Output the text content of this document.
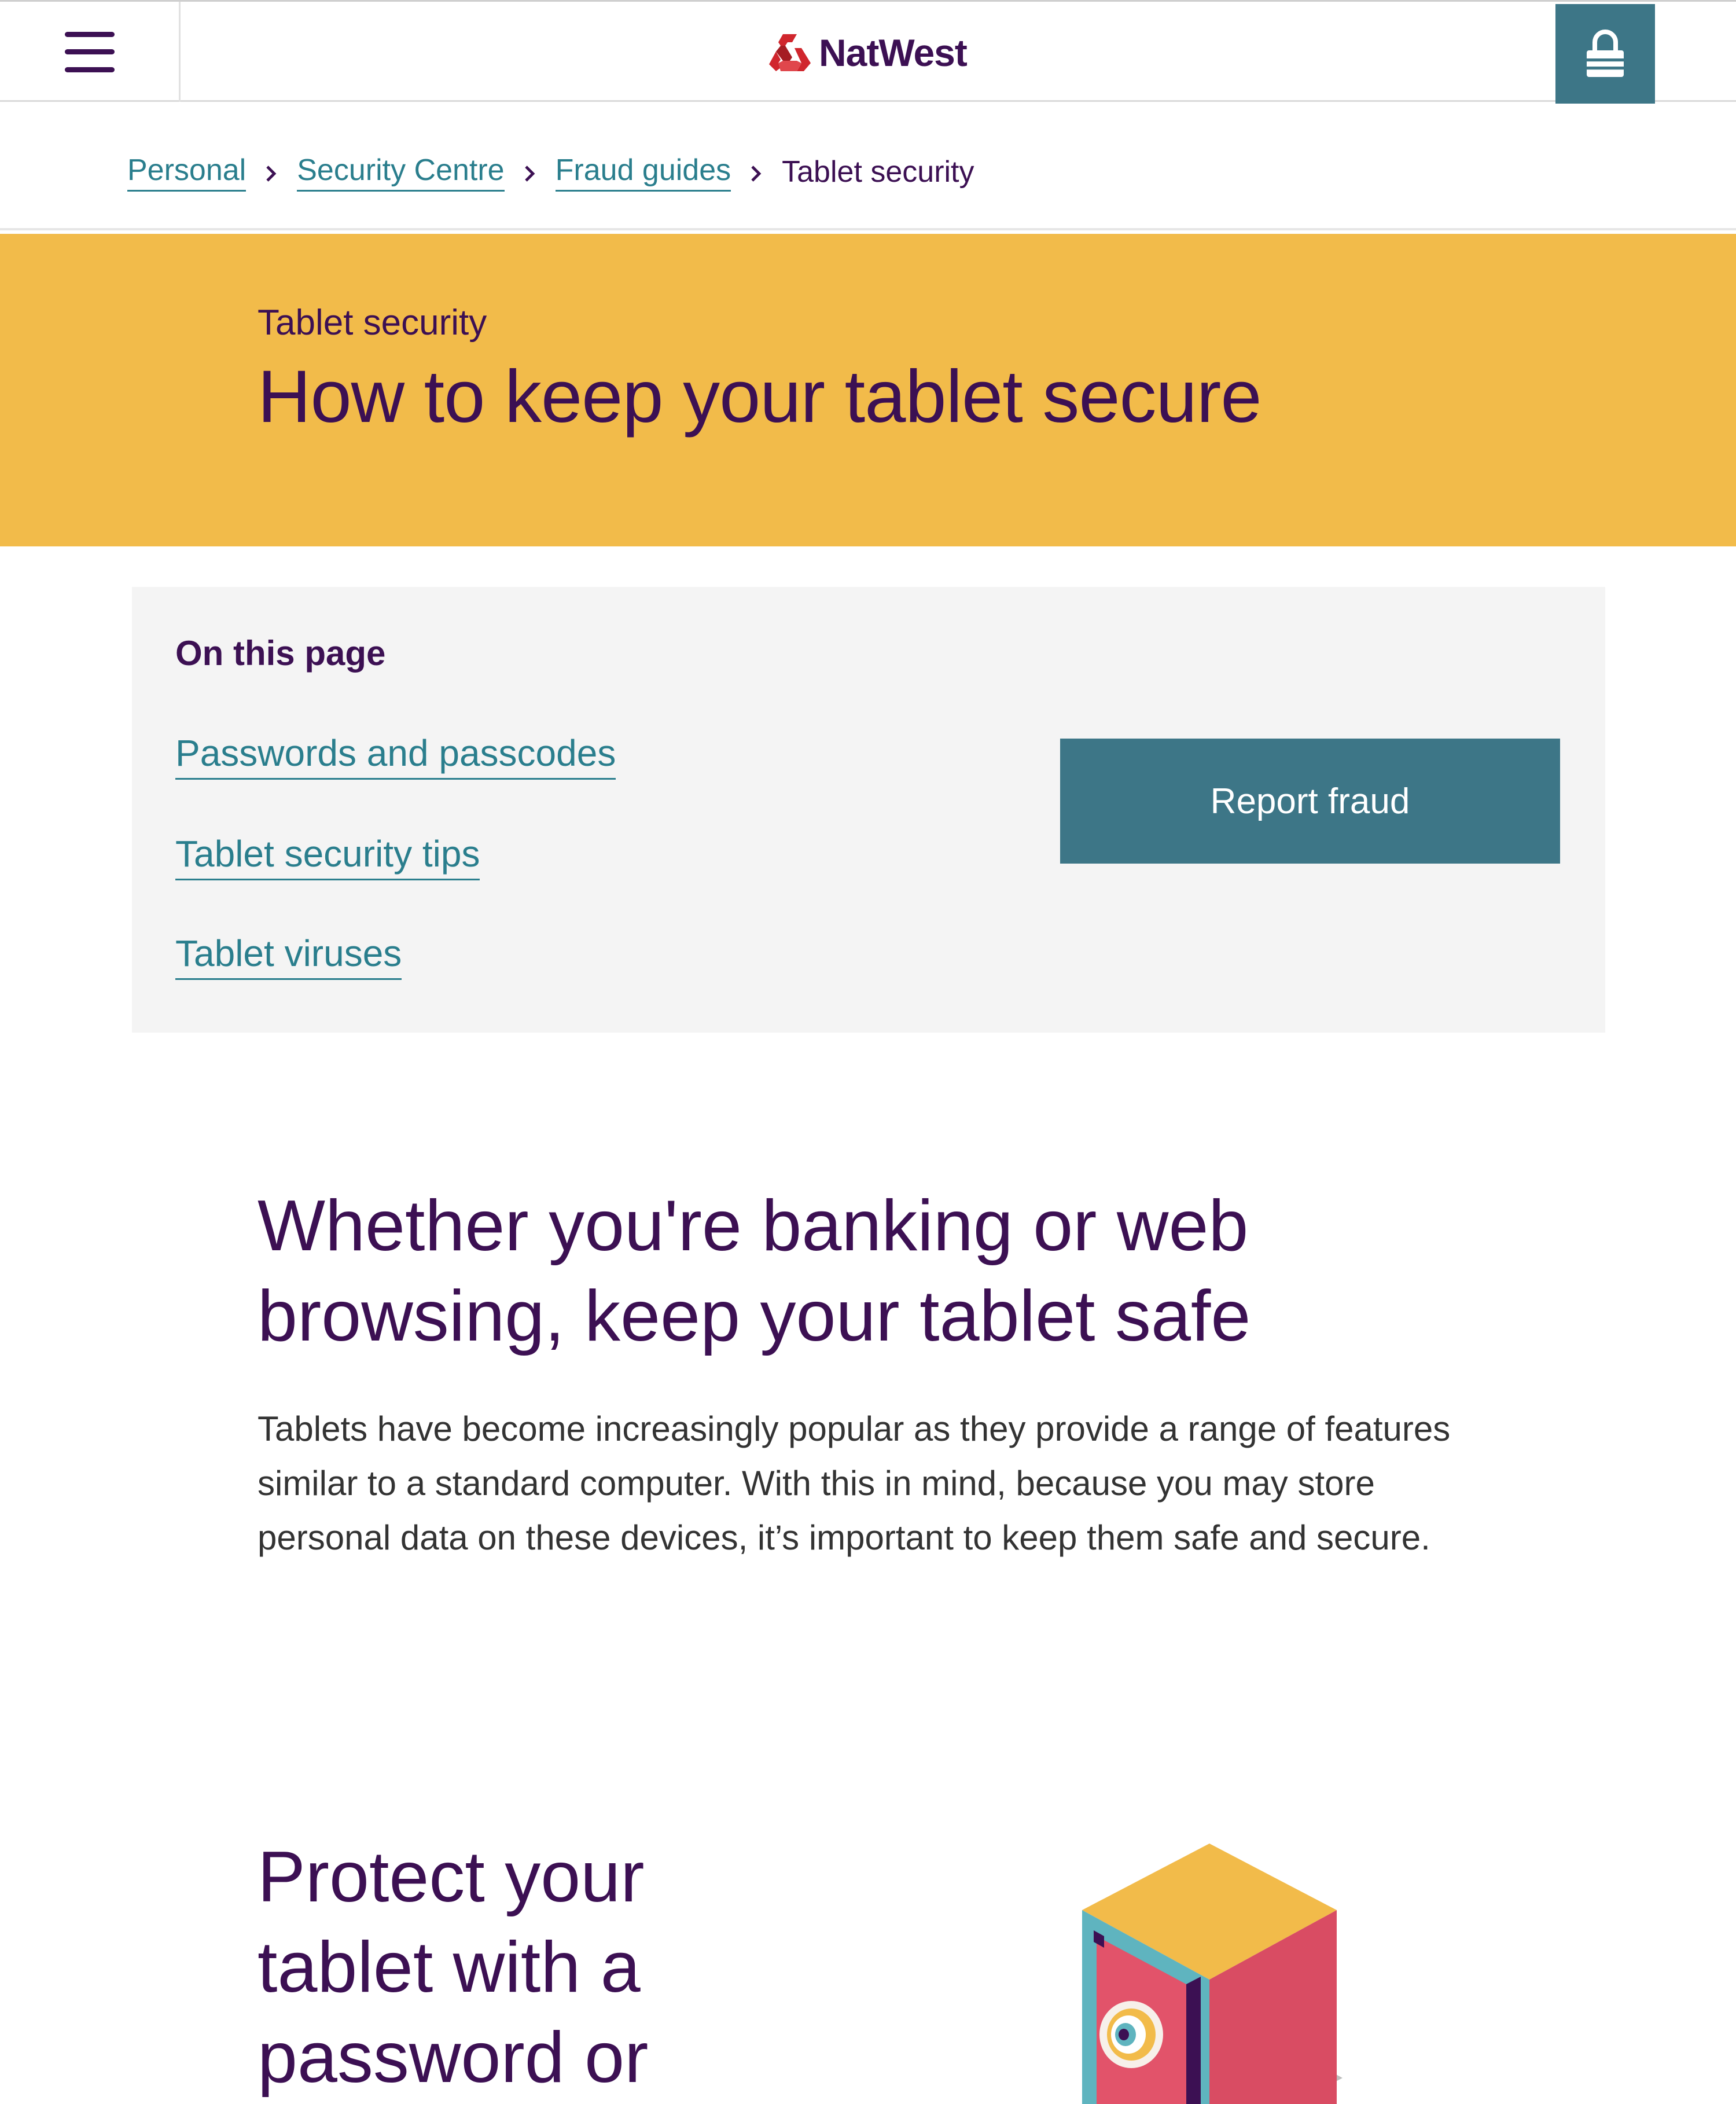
NatWest
Personal Security Centre Fraud guides Tablet security
Tablet security
How to keep your tablet secure
On this page
Passwords and passcodes
Tablet security tips
Tablet viruses
Report fraud
Whether you're banking or web
browsing, keep your tablet safe

Tablets have become increasingly popular as they provide a range of features similar to a standard computer. With this in mind, because you may store personal data on these devices, it’s important to keep them safe and secure.

Protect your
tablet with a
password or
